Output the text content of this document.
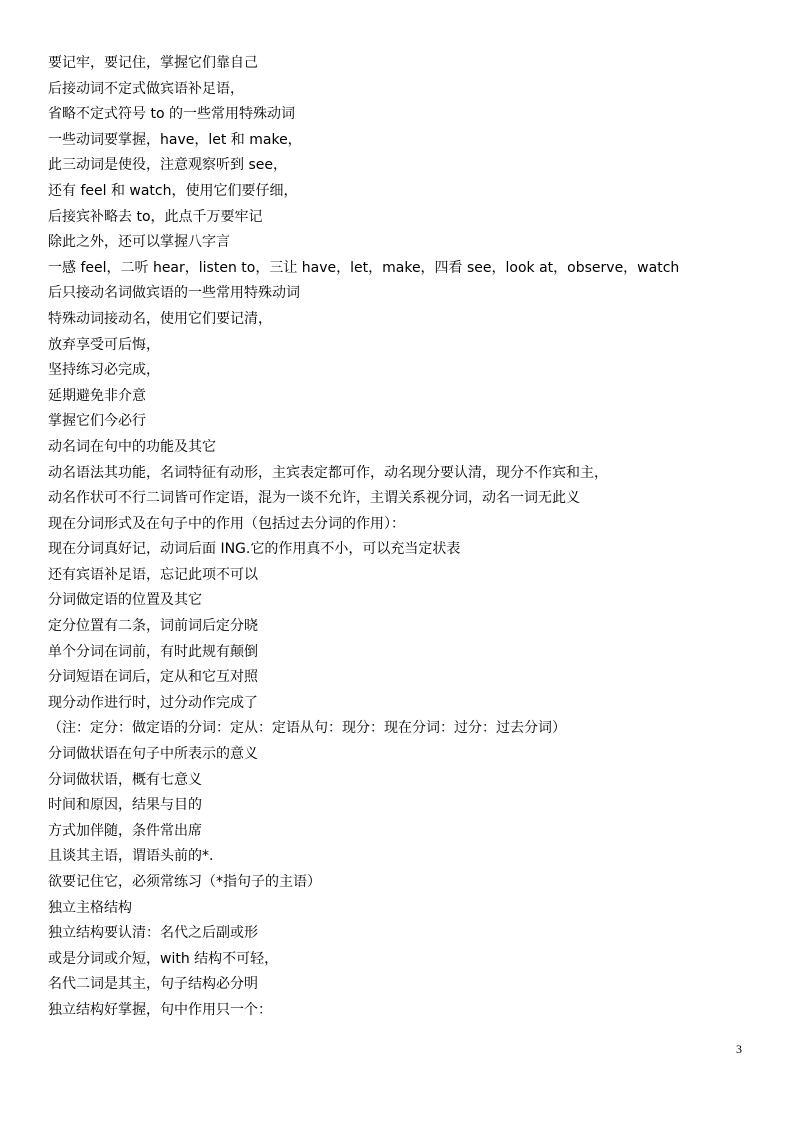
要记牢，要记住，掌握它们靠自己
后接动词不定式做宾语补足语，
省略不定式符号 to 的一些常用特殊动词
一些动词要掌握，have，let 和 make，
此三动词是使役，注意观察听到 see，
还有 feel 和 watch，使用它们要仔细，
后接宾补略去 to，此点千万要牢记
除此之外，还可以掌握八字言
一感 feel，二听 hear，listen to，三让 have，let，make，四看 see，look at，observe，watch
后只接动名词做宾语的一些常用特殊动词
特殊动词接动名，使用它们要记清，
放弃享受可后悔，
坚持练习必完成，
延期避免非介意
掌握它们今必行
动名词在句中的功能及其它
动名语法其功能，名词特征有动形，主宾表定都可作，动名现分要认清，现分不作宾和主，
动名作状可不行二词皆可作定语，混为一谈不允许，主谓关系视分词，动名一词无此义
现在分词形式及在句子中的作用（包括过去分词的作用）：
现在分词真好记，动词后面 ING.它的作用真不小，可以充当定状表
还有宾语补足语，忘记此项不可以
分词做定语的位置及其它
定分位置有二条，词前词后定分晓
单个分词在词前，有时此规有颠倒
分词短语在词后，定从和它互对照
现分动作进行时，过分动作完成了
（注：定分：做定语的分词：定从：定语从句：现分：现在分词：过分：过去分词）
分词做状语在句子中所表示的意义
分词做状语，概有七意义
时间和原因，结果与目的
方式加伴随，条件常出席
且谈其主语，谓语头前的*.
欲要记住它，必须常练习（*指句子的主语）
独立主格结构
独立结构要认清：名代之后副或形
或是分词或介短，with 结构不可轻，
名代二词是其主，句子结构必分明
独立结构好掌握，句中作用只一个：
3
